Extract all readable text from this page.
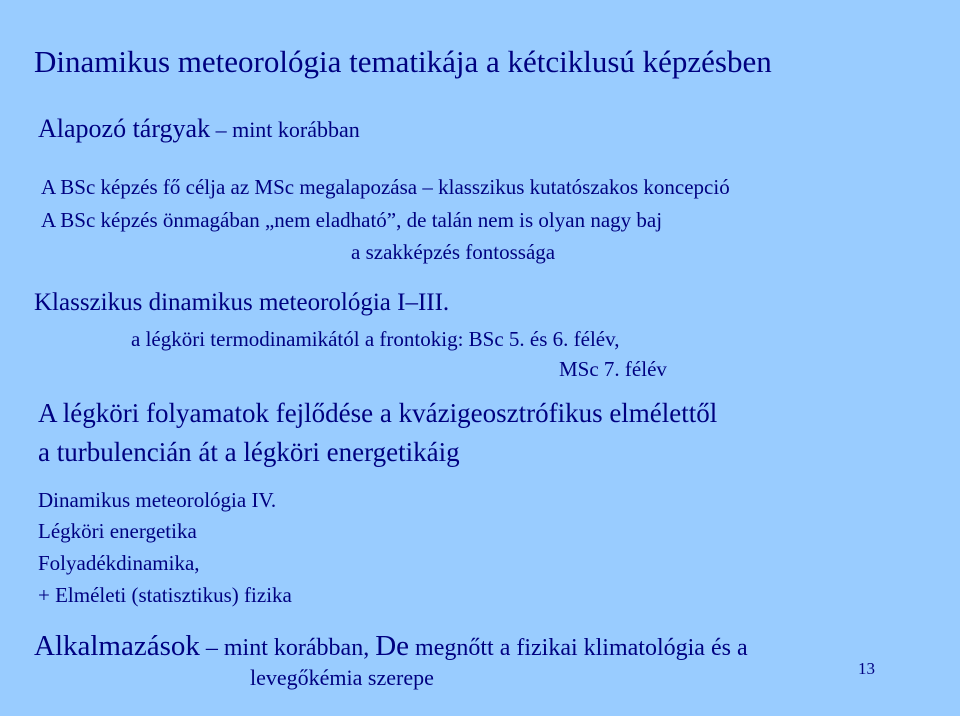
Dinamikus meteorológia tematikája a kétciklusú képzésben
Alapozó tárgyak – mint korábban
A BSc képzés fő célja az MSc megalapozása – klasszikus kutatószakos koncepció
A BSc képzés önmagában „nem eladható”, de talán nem is olyan nagy baj
a szakképzés fontossága
Klasszikus dinamikus meteorológia I–III.
a légköri termodinamikától a frontokig: BSc 5. és 6. félév,
MSc 7. félév
A légköri folyamatok fejlődése a kvázigeosztrófikus elmélettől
a turbulencián át a légköri energetikáig
Dinamikus meteorológia IV.
Légköri energetika
Folyadékdinamika,
+ Elméleti (statisztikus) fizika
Alkalmazások – mint korábban, De megnőtt a fizikai klimatológia és a
levegőkémia szerepe	13
